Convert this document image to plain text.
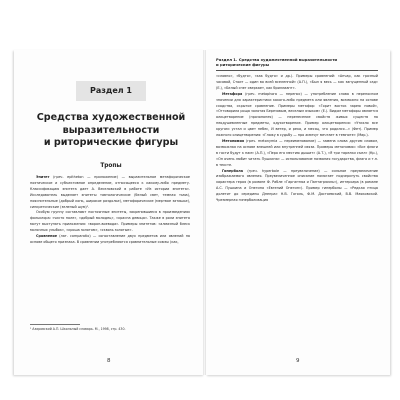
Раздел 1
Средства художественной
выразительности
и риторические фигуры
Тропы

Эпитет (греч. epitheton — приложение) — выразительное метафорическое поэтическое и субъективное определение, относящееся к какому-либо предмету. Классификацию эпитета дает А. Веселовский в работе «Из истории эпитета». Исследователь выделяет эпитеты тавтологические (белый свет, темная тьма), пояснительные (добрый конь, широкое раздолье), метафорические (мертвое затишье), синкретические (зеленый шум)¹.

Особую группу составляют постоянные эпитеты, закрепившиеся в произведениях фольклора: «чисто поле», «добрый молодец», «красна девица». Также в роли эпитета могут выступать приложения: «ворон-воевода». Примеры эпитетов: «алмазный блеск молочных улыбок», «кроша золотом», «сквозь золотые».

Сравнение (лат. comparatio) — сопоставление двух предметов или явлений на основе общего признака. В сравнении употребляются сравнительные союзы (как,

¹ Азаровский А.П. Школьный словарь. М., 1998, стр. 430.
8
Раздел 1. Средства художественной выразительности
и риторические фигуры

«словно», «будто», «как будто» и др.). Примеры сравнений: «Анчар, как грозный часовой, Стоит — один во всей вселенной» (А.П.), «Был я весь — как запущенный сад» (Е.), «Белый снег сверкает, как бриллиант».

Метафора (греч. metaphora — перенос) — употребление слова в переносном значении для характеристики какого-либо предмета или явления, возможно на основе сходства, скрытое сравнение. Примеры метафор: «Горит восток зарею новой», «Отговорила роща золотая Березовым, веселым языком» (Е.). Видом метафоры является олицетворение (прозопопея) — перенесение свойств живых существ на неодушевленные предметы, одухотворение. Пример олицетворения: «Утихло все кругом: устал и цвет небес, И ветер, и река, и месяц, что родился...» (Фет). Пример ложного олицетворения: «Гляжу в судьбу — про жемчуг мечтает в темноте» (Мар.).

Метонимия (греч. metonymia — переименование) — замена слова другим словом, возможная на основе внешней или внутренней связи. Примеры метонимии: «Все флаги в гости будут к нам» (А.П.), «Перо его местию дышит» (А.Т.), «Я три тарелки съел» (Кр.), «Он очень любит читать Пушкина» — использование названия государства, флага и т.п. в тексте.

Гипербола (греч. hyperbole — преувеличение) — сильное преувеличение изображаемого явления. Преувеличенное описание помогает подчеркнуть свойства характера героя (в романе Ф. Рабле «Гаргантюа и Пантагрюэль»), интерьера (в романе А.С. Пушкина и Онегина «Евгений Онегин»). Пример гиперболы — «Редкая птица долетит до середины Днепра» Н.В. Гоголь, Ф.М. Достоевский, В.В. Маяковский. Чрезмерная гиперболизация

9
